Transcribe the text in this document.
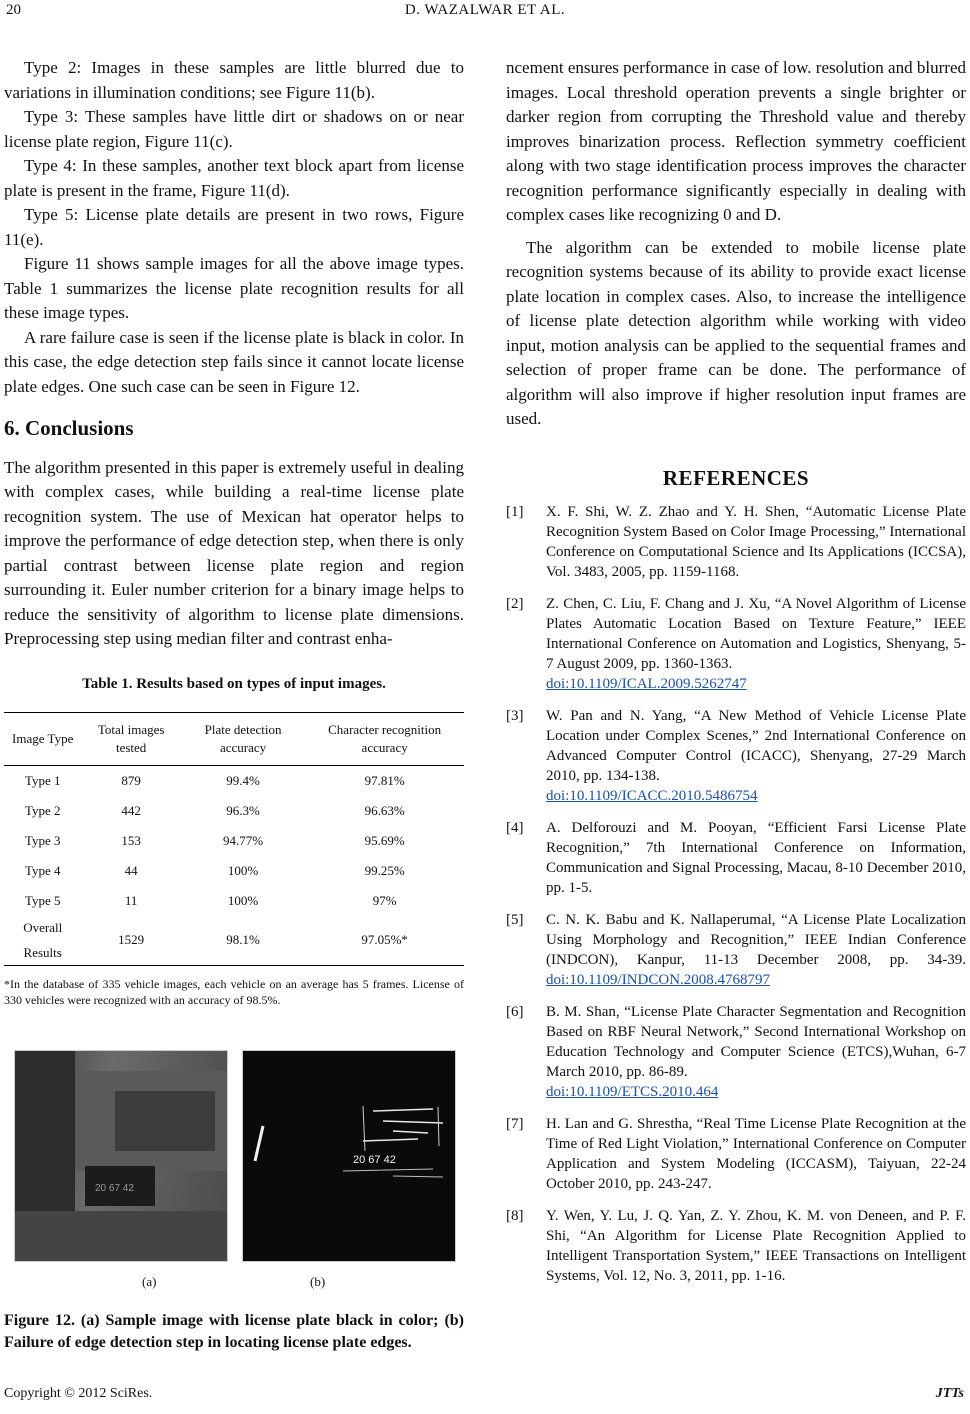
20	D. WAZALWAR ET AL.

Type 2: Images in these samples are little blurred due to variations in illumination conditions; see Figure 11(b).

Type 3: These samples have little dirt or shadows on or near license plate region, Figure 11(c).

Type 4: In these samples, another text block apart from license plate is present in the frame, Figure 11(d).

Type 5: License plate details are present in two rows, Figure 11(e).

Figure 11 shows sample images for all the above image types. Table 1 summarizes the license plate recognition results for all these image types.

A rare failure case is seen if the license plate is black in color. In this case, the edge detection step fails since it cannot locate license plate edges. One such case can be seen in Figure 12.

6. Conclusions

The algorithm presented in this paper is extremely useful in dealing with complex cases, while building a real-time license plate recognition system. The use of Mexican hat operator helps to improve the performance of edge detection step, when there is only partial contrast between license plate region and region surrounding it. Euler number criterion for a binary image helps to reduce the sensitivity of algorithm to license plate dimensions. Preprocessing step using median filter and contrast enha-

Table 1. Results based on types of input images.
Image Type	Total images tested	Plate detection accuracy	Character recognition accuracy
Type 1	879	99.4%	97.81%
Type 2	442	96.3%	96.63%
Type 3	153	94.77%	95.69%
Type 4	44	100%	99.25%
Type 5	11	100%	97%
Overall Results	1529	98.1%	97.05%*
*In the database of 335 vehicle images, each vehicle on an average has 5 frames. License of 330 vehicles were recognized with an accuracy of 98.5%.
20 67 42
20 67 42
(a)	(b)
Figure 12. (a) Sample image with license plate black in color; (b) Failure of edge detection step in locating license plate edges.

ncement ensures performance in case of low. resolution and blurred images. Local threshold operation prevents a single brighter or darker region from corrupting the Threshold value and thereby improves binarization process. Reflection symmetry coefficient along with two stage identification process improves the character recognition performance significantly especially in dealing with complex cases like recognizing 0 and D.

The algorithm can be extended to mobile license plate recognition systems because of its ability to provide exact license plate location in complex cases. Also, to increase the intelligence of license plate detection algorithm while working with video input, motion analysis can be applied to the sequential frames and selection of proper frame can be done. The performance of algorithm will also improve if higher resolution input frames are used.

REFERENCES
[1] X. F. Shi, W. Z. Zhao and Y. H. Shen, “Automatic License Plate Recognition System Based on Color Image Processing,” International Conference on Computational Science and Its Applications (ICCSA), Vol. 3483, 2005, pp. 1159-1168.
[2] Z. Chen, C. Liu, F. Chang and J. Xu, “A Novel Algorithm of License Plates Automatic Location Based on Texture Feature,” IEEE International Conference on Automation and Logistics, Shenyang, 5-7 August 2009, pp. 1360-1363.
doi:10.1109/ICAL.2009.5262747
[3] W. Pan and N. Yang, “A New Method of Vehicle License Plate Location under Complex Scenes,” 2nd International Conference on Advanced Computer Control (ICACC), Shenyang, 27-29 March 2010, pp. 134-138.
doi:10.1109/ICACC.2010.5486754
[4] A. Delforouzi and M. Pooyan, “Efficient Farsi License Plate Recognition,” 7th International Conference on Information, Communication and Signal Processing, Macau, 8-10 December 2010, pp. 1-5.
[5] C. N. K. Babu and K. Nallaperumal, “A License Plate Localization Using Morphology and Recognition,” IEEE Indian Conference (INDCON), Kanpur, 11-13 December 2008, pp. 34-39. doi:10.1109/INDCON.2008.4768797
[6] B. M. Shan, “License Plate Character Segmentation and Recognition Based on RBF Neural Network,” Second International Workshop on Education Technology and Computer Science (ETCS),Wuhan, 6-7 March 2010, pp. 86-89.
doi:10.1109/ETCS.2010.464
[7] H. Lan and G. Shrestha, “Real Time License Plate Recognition at the Time of Red Light Violation,” International Conference on Computer Application and System Modeling (ICCASM), Taiyuan, 22-24 October 2010, pp. 243-247.
[8] Y. Wen, Y. Lu, J. Q. Yan, Z. Y. Zhou, K. M. von Deneen, and P. F. Shi, “An Algorithm for License Plate Recognition Applied to Intelligent Transportation System,” IEEE Transactions on Intelligent Systems, Vol. 12, No. 3, 2011, pp. 1-16.
Copyright © 2012 SciRes.	JTTs
